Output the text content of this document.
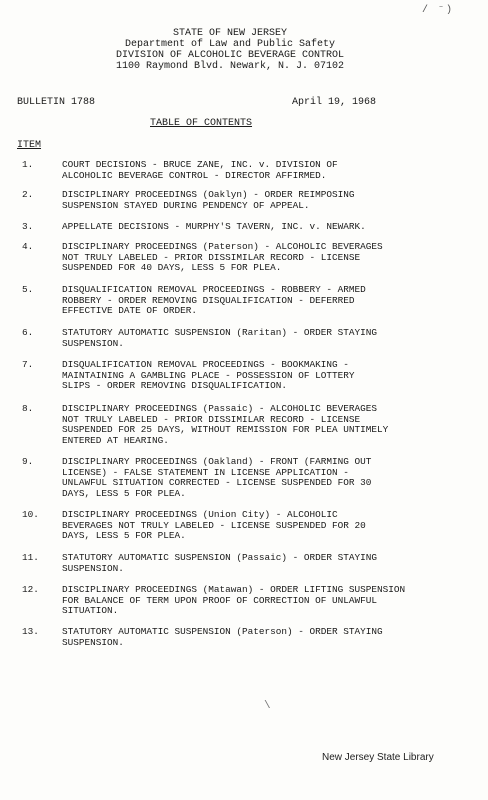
/ ⁻)
STATE OF NEW JERSEY
Department of Law and Public Safety
DIVISION OF ALCOHOLIC BEVERAGE CONTROL
1100 Raymond Blvd. Newark, N. J. 07102
BULLETIN 1788	April 19, 1968
TABLE OF CONTENTS
ITEM
1.	COURT DECISIONS - BRUCE ZANE, INC. v. DIVISION OF
ALCOHOLIC BEVERAGE CONTROL - DIRECTOR AFFIRMED.
2.	DISCIPLINARY PROCEEDINGS (Oaklyn) - ORDER REIMPOSING
SUSPENSION STAYED DURING PENDENCY OF APPEAL.
3.	APPELLATE DECISIONS - MURPHY'S TAVERN, INC. v. NEWARK.
4.	DISCIPLINARY PROCEEDINGS (Paterson) - ALCOHOLIC BEVERAGES
NOT TRULY LABELED - PRIOR DISSIMILAR RECORD - LICENSE
SUSPENDED FOR 40 DAYS, LESS 5 FOR PLEA.
5.	DISQUALIFICATION REMOVAL PROCEEDINGS - ROBBERY - ARMED
ROBBERY - ORDER REMOVING DISQUALIFICATION - DEFERRED
EFFECTIVE DATE OF ORDER.
6.	STATUTORY AUTOMATIC SUSPENSION (Raritan) - ORDER STAYING
SUSPENSION.
7.	DISQUALIFICATION REMOVAL PROCEEDINGS - BOOKMAKING -
MAINTAINING A GAMBLING PLACE - POSSESSION OF LOTTERY
SLIPS - ORDER REMOVING DISQUALIFICATION.
8.	DISCIPLINARY PROCEEDINGS (Passaic) - ALCOHOLIC BEVERAGES
NOT TRULY LABELED - PRIOR DISSIMILAR RECORD - LICENSE
SUSPENDED FOR 25 DAYS, WITHOUT REMISSION FOR PLEA UNTIMELY
ENTERED AT HEARING.
9.	DISCIPLINARY PROCEEDINGS (Oakland) - FRONT (FARMING OUT
LICENSE) - FALSE STATEMENT IN LICENSE APPLICATION -
UNLAWFUL SITUATION CORRECTED - LICENSE SUSPENDED FOR 30
DAYS, LESS 5 FOR PLEA.
10. DISCIPLINARY PROCEEDINGS (Union City) - ALCOHOLIC
BEVERAGES NOT TRULY LABELED - LICENSE SUSPENDED FOR 20
DAYS, LESS 5 FOR PLEA.
11. STATUTORY AUTOMATIC SUSPENSION (Passaic) - ORDER STAYING
SUSPENSION.
12. DISCIPLINARY PROCEEDINGS (Matawan) - ORDER LIFTING SUSPENSION
FOR BALANCE OF TERM UPON PROOF OF CORRECTION OF UNLAWFUL
SITUATION.
13. STATUTORY AUTOMATIC SUSPENSION (Paterson) - ORDER STAYING
SUSPENSION.
\
New Jersey State Library
